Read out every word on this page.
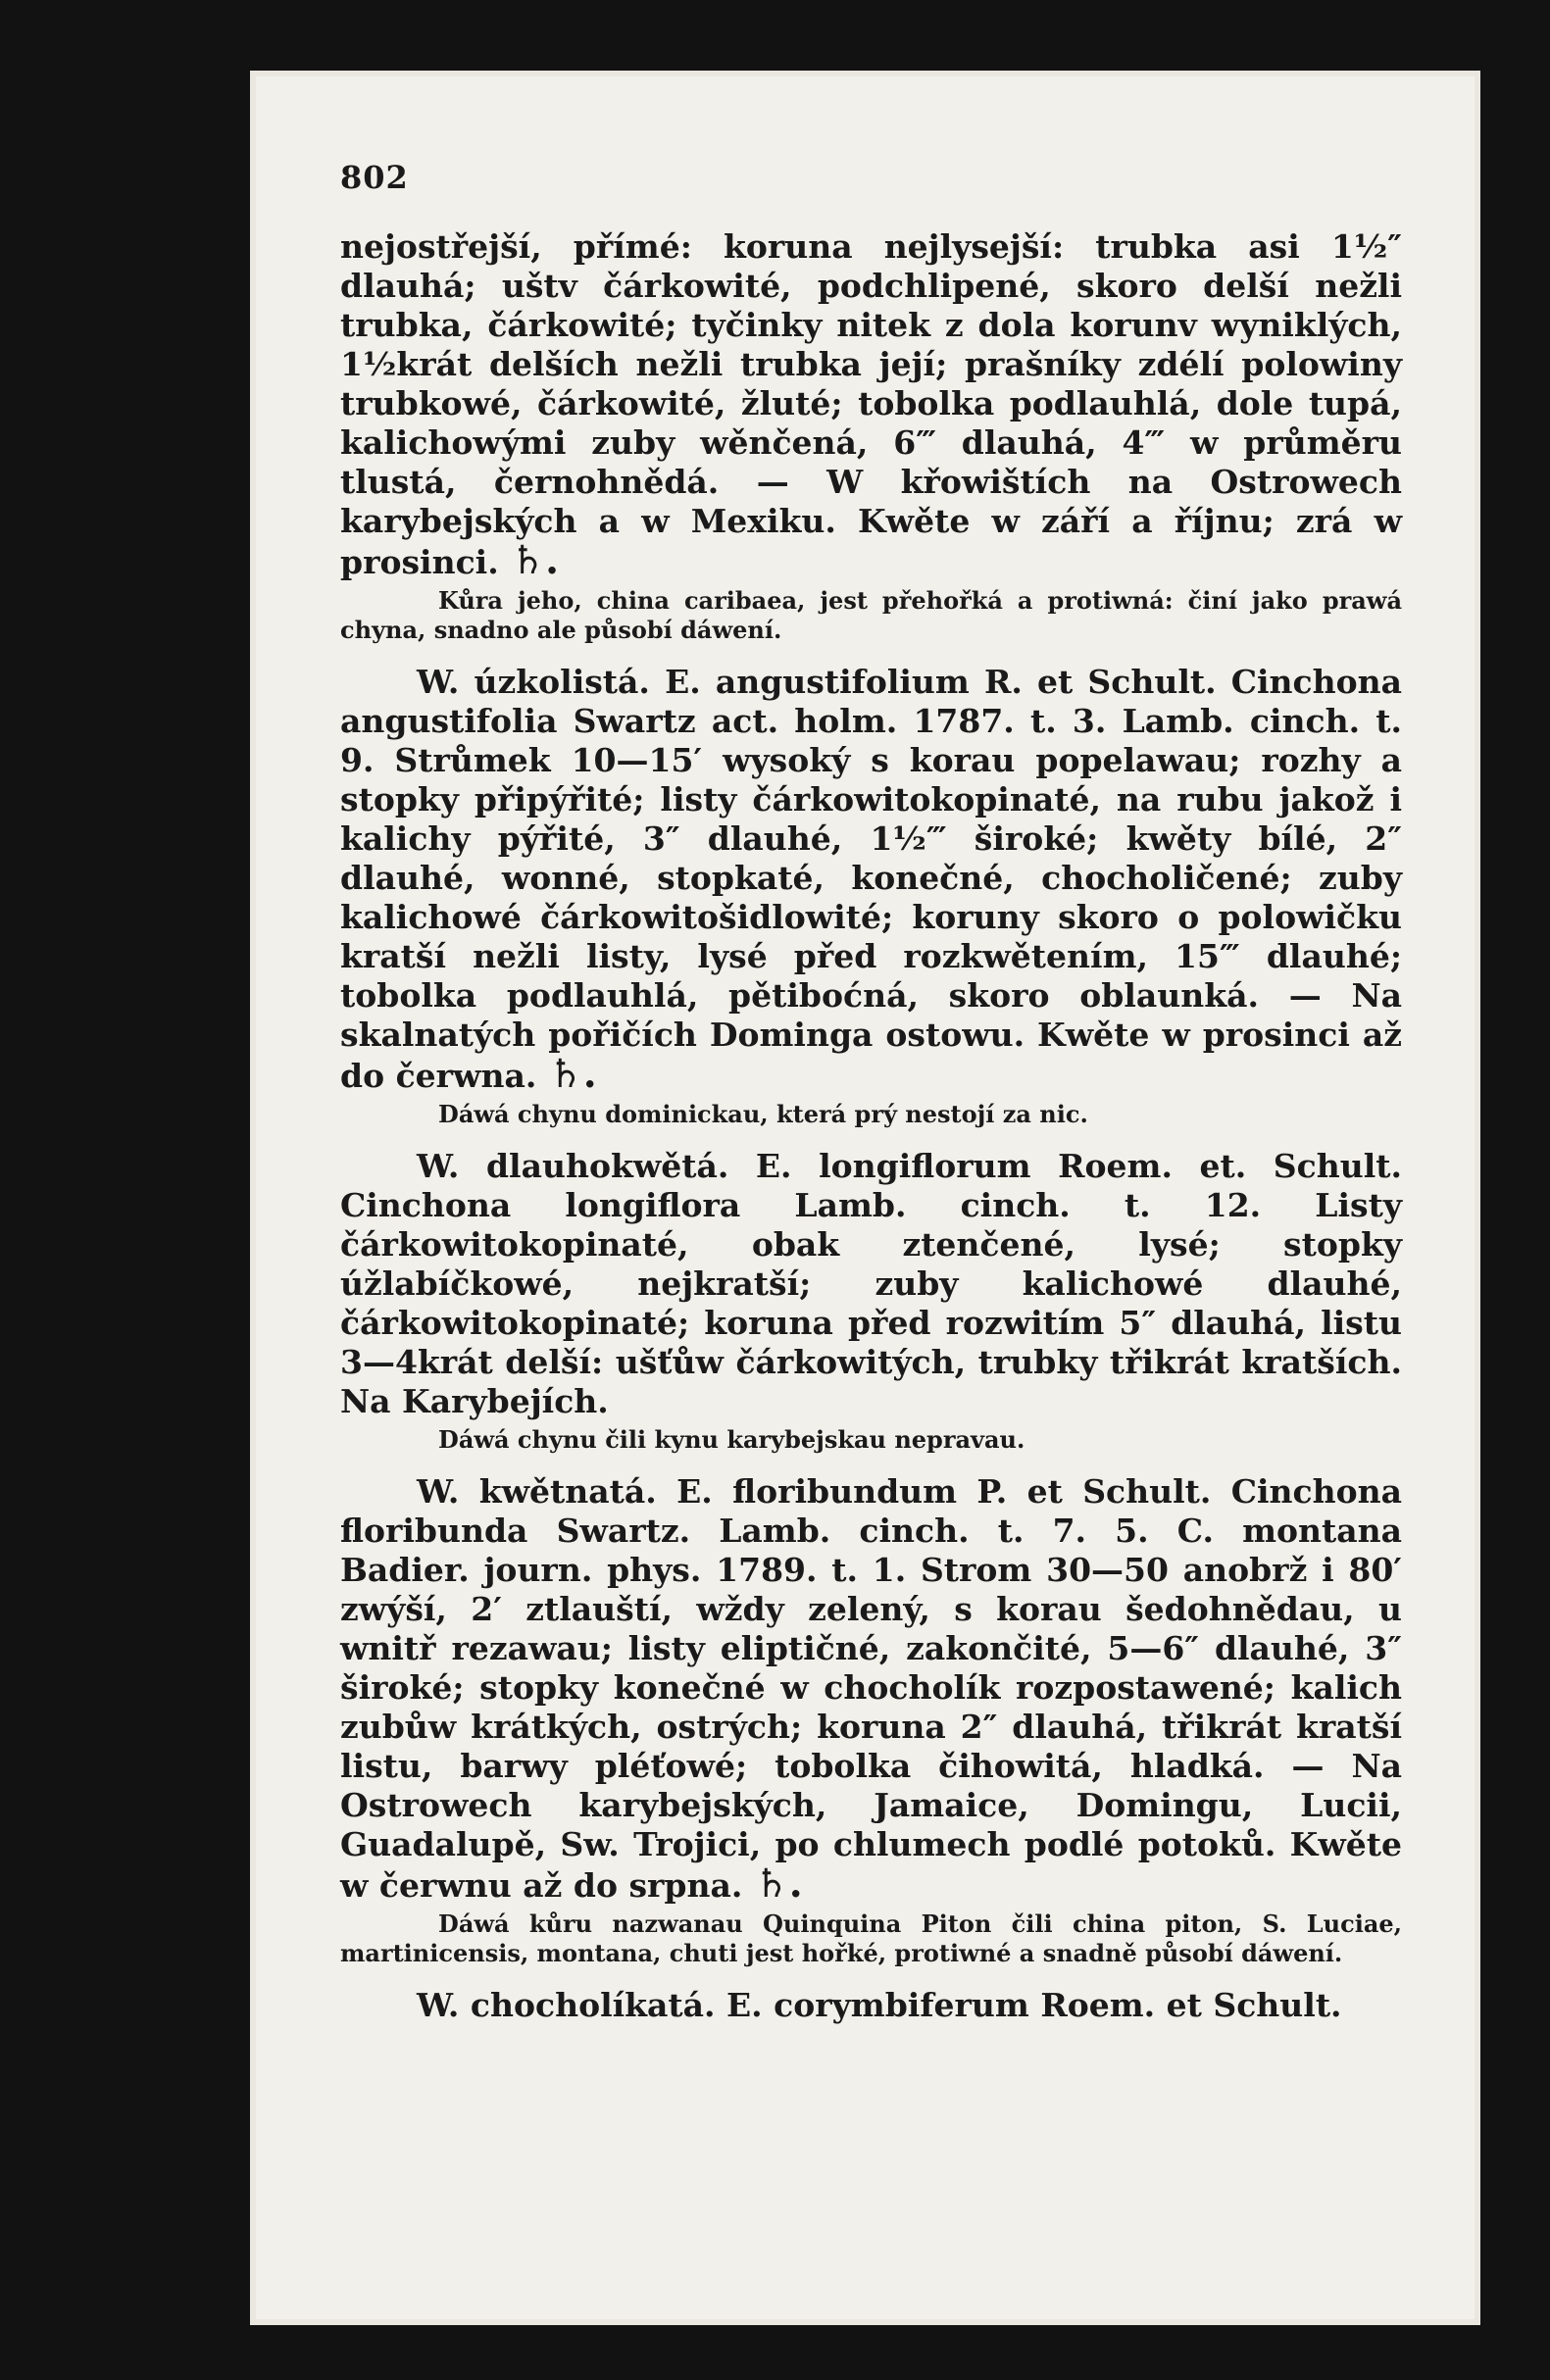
802

nejostřejší, přímé: koruna nejlysejší: trubka asi 1½″ dlauhá; uštv čárkowité, podchlipené, skoro delší nežli trubka, čárkowité; tyčinky nitek z dola korunv wyniklých, 1½krát delších nežli trubka její; prašníky zdélí polowiny trubkowé, čárkowité, žluté; tobolka podlauhlá, dole tupá, kalichowými zuby wěnčená, 6‴ dlauhá, 4‴ w průměru tlustá, černohnědá. — W křowištích na Ostrowech karybejských a w Mexiku. Kwěte w září a říjnu; zrá w prosinci. ♄.

Kůra jeho, china caribaea, jest přehořká a protiwná: činí jako prawá chyna, snadno ale působí dáwení.

W. úzkolistá. E. angustifolium R. et Schult. Cinchona angustifolia Swartz act. holm. 1787. t. 3. Lamb. cinch. t. 9. Strůmek 10—15′ wysoký s korau popelawau; rozhy a stopky připýřité; listy čárkowitokopinaté, na rubu jakož i kalichy pýřité, 3″ dlauhé, 1½‴ široké; kwěty bílé, 2″ dlauhé, wonné, stopkaté, konečné, chocholičené; zuby kalichowé čárkowitošidlowité; koruny skoro o polowičku kratší nežli listy, lysé před rozkwětením, 15‴ dlauhé; tobolka podlauhlá, pětiboćná, skoro oblaunká. — Na skalnatých pořičích Dominga ostowu. Kwěte w prosinci až do čerwna. ♄.

Dáwá chynu dominickau, která prý nestojí za nic.

W. dlauhokwětá. E. longiflorum Roem. et. Schult. Cinchona longiflora Lamb. cinch. t. 12. Listy čárkowitokopinaté, obak ztenčené, lysé; stopky úžlabíčkowé, nejkratší; zuby kalichowé dlauhé, čárkowitokopinaté; koruna před rozwitím 5″ dlauhá, listu 3—4krát delší: ušťůw čárkowitých, trubky třikrát kratších. Na Karybejích.

Dáwá chynu čili kynu karybejskau nepravau.

W. kwětnatá. E. floribundum P. et Schult. Cinchona floribunda Swartz. Lamb. cinch. t. 7. 5. C. montana Badier. journ. phys. 1789. t. 1. Strom 30—50 anobrž i 80′ zwýší, 2′ ztlauští, wždy zelený, s korau šedohnědau, u wnitř rezawau; listy eliptičné, zakončité, 5—6″ dlauhé, 3″ široké; stopky konečné w chocholík rozpostawené; kalich zubůw krátkých, ostrých; koruna 2″ dlauhá, třikrát kratší listu, barwy pléťowé; tobolka čihowitá, hladká. — Na Ostrowech karybejských, Jamaice, Domingu, Lucii, Guadalupě, Sw. Trojici, po chlumech podlé potoků. Kwěte w čerwnu až do srpna. ♄.

Dáwá kůru nazwanau Quinquina Piton čili china piton, S. Luciae, martinicensis, montana, chuti jest hořké, protiwné a snadně působí dáwení.

W. chocholíkatá. E. corymbiferum Roem. et Schult.
